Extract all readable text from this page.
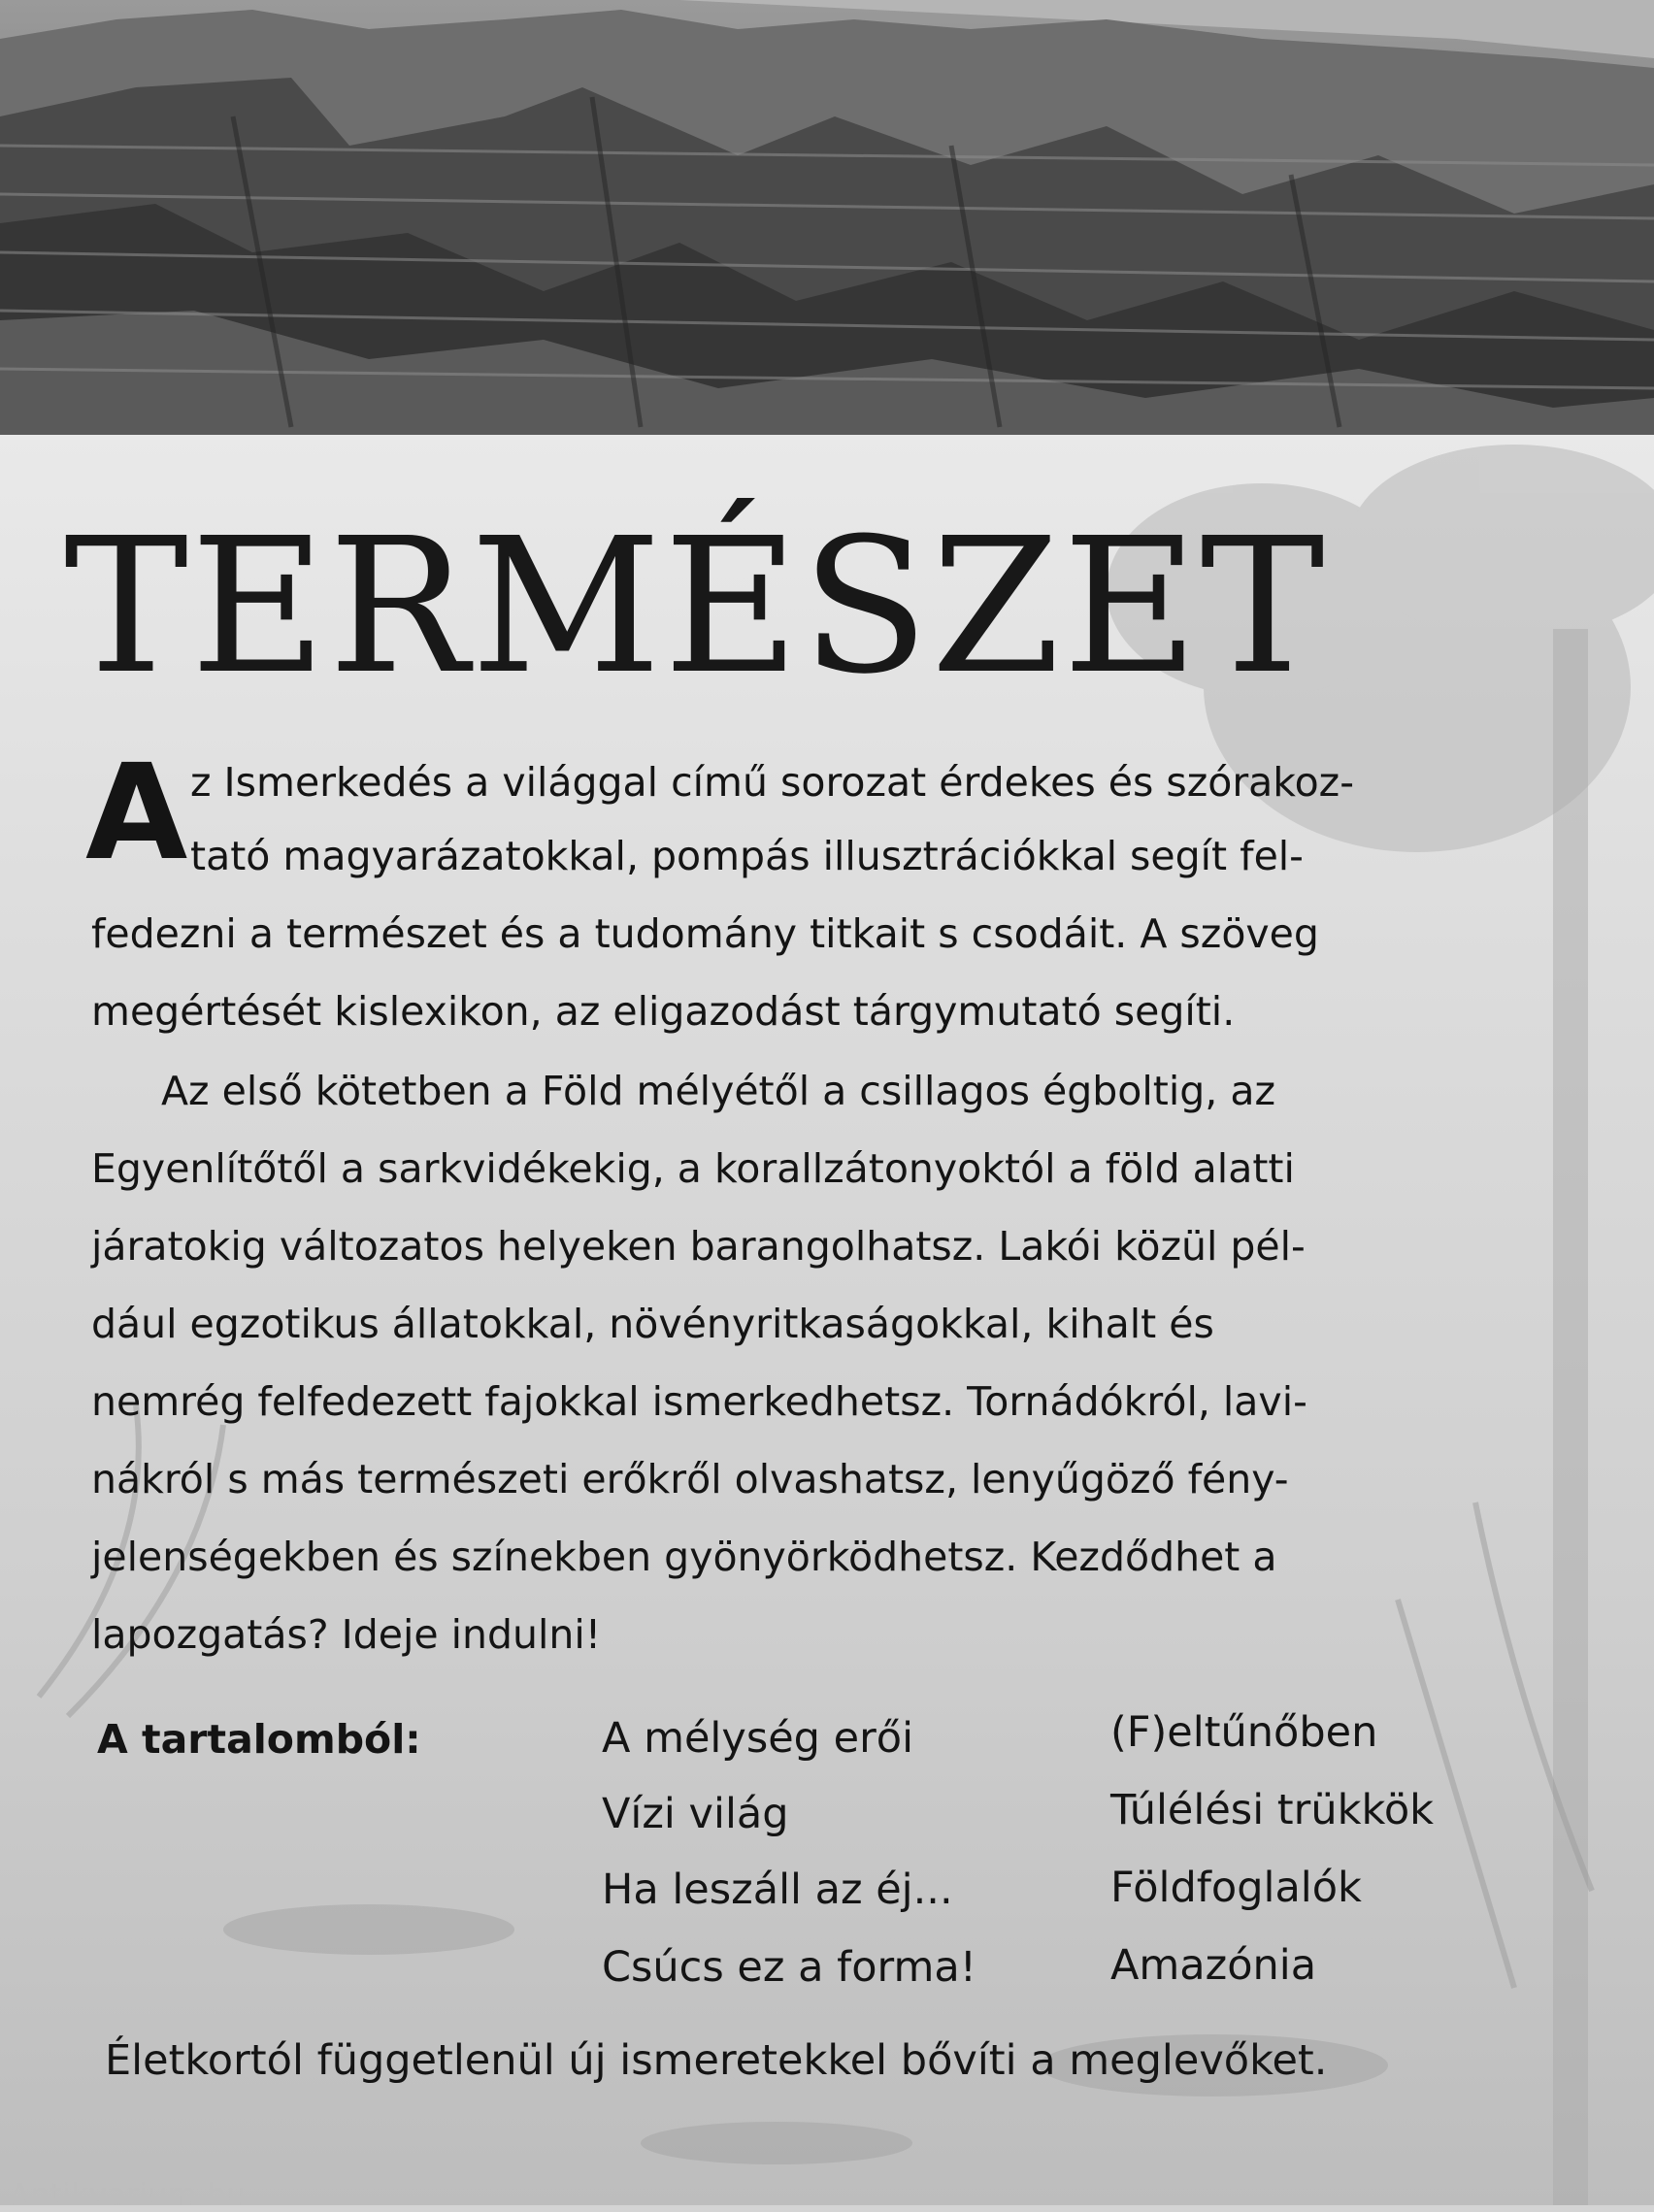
TERMÉSZET
A z Ismerkedés a világgal című sorozat érdekes és szórakoz-

tató magyarázatokkal, pompás illusztrációkkal segít fel-

fedezni a természet és a tudomány titkait s csodáit. A szöveg

megértését kislexikon, az eligazodást tárgymutató segíti.

Az első kötetben a Föld mélyétől a csillagos égboltig, az

Egyenlítőtől a sarkvidékekig, a korallzátonyoktól a föld alatti

járatokig változatos helyeken barangolhatsz. Lakói közül pél-

dául egzotikus állatokkal, növényritkaságokkal, kihalt és

nemrég felfedezett fajokkal ismerkedhetsz. Tornádókról, lavi-

nákról s más természeti erőkről olvashatsz, lenyűgöző fény-

jelenségekben és színekben gyönyörködhetsz. Kezdődhet a

lapozgatás? Ideje indulni!

A tartalomból:	A mélység erői

Vízi világ

Ha leszáll az éj...

Csúcs ez a forma!

(F)eltűnőben

Túlélési trükkök

Földfoglalók

Amazónia

Életkortól függetlenül új ismeretekkel bővíti a meglevőket.

Antikvarium.hu
